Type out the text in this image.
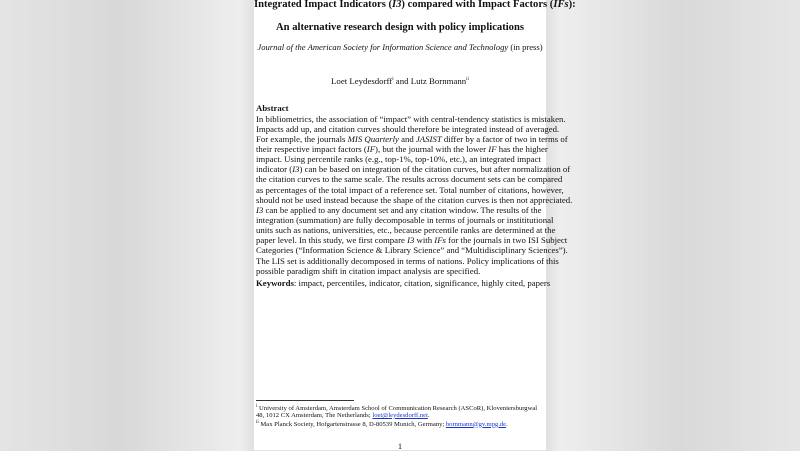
Integrated Impact Indicators (I3) compared with Impact Factors (IFs):
An alternative research design with policy implications
Journal of the American Society for Information Science and Technology (in press)
Loet Leydesdorff$^i$ and Lutz Bornmann$^{ii}$
Abstract
In bibliometrics, the association of “impact” with central-tendency statistics is mistaken.
Impacts add up, and citation curves should therefore be integrated instead of averaged.
For example, the journals MIS Quarterly and JASIST differ by a factor of two in terms of
their respective impact factors (IF), but the journal with the lower IF has the higher
impact. Using percentile ranks (e.g., top-1%, top-10%, etc.), an integrated impact
indicator (I3) can be based on integration of the citation curves, but after normalization of
the citation curves to the same scale. The results across document sets can be compared
as percentages of the total impact of a reference set. Total number of citations, however,
should not be used instead because the shape of the citation curves is then not appreciated.
I3 can be applied to any document set and any citation window. The results of the
integration (summation) are fully decomposable in terms of journals or instititutional
units such as nations, universities, etc., because percentile ranks are determined at the
paper level. In this study, we first compare I3 with IFs for the journals in two ISI Subject
Categories (“Information Science & Library Science” and “Multidisciplinary Sciences”).
The LIS set is additionally decomposed in terms of nations. Policy implications of this
possible paradigm shift in citation impact analysis are specified.
Keywords: impact, percentiles, indicator, citation, significance, highly cited, papers
$^i$ University of Amsterdam, Amsterdam School of Communication Research (ASCoR), Kloveniersburgwal
48, 1012 CX Amsterdam, The Netherlands; loet@leydesdorff.net.
$^{ii}$ Max Planck Society, Hofgartenstrasse 8, D-80539 Munich, Germany; bornmann@gv.mpg.de.
1
